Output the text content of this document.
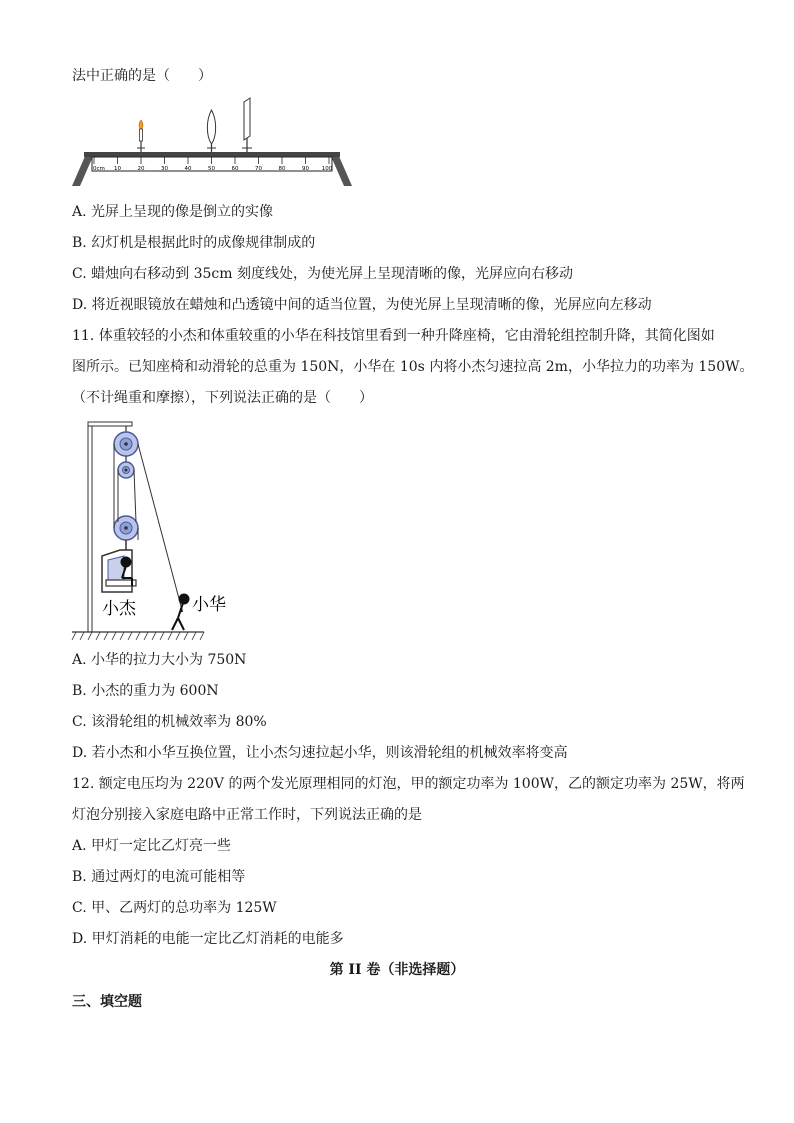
法中正确的是（　　）
0cm 10	20	30	40	50	60	70	80	90 100
A. 光屏上呈现的像是倒立的实像
B. 幻灯机是根据此时的成像规律制成的
C. 蜡烛向右移动到 35cm 刻度线处，为使光屏上呈现清晰的像，光屏应向右移动
D. 将近视眼镜放在蜡烛和凸透镜中间的适当位置，为使光屏上呈现清晰的像，光屏应向左移动
11. 体重较轻的小杰和体重较重的小华在科技馆里看到一种升降座椅，它由滑轮组控制升降，其简化图如
图所示。已知座椅和动滑轮的总重为 150N，小华在 10s 内将小杰匀速拉高 2m，小华拉力的功率为 150W。
（不计绳重和摩擦），下列说法正确的是（　　）
小杰	小华
A. 小华的拉力大小为 750N
B. 小杰的重力为 600N
C. 该滑轮组的机械效率为 80%
D. 若小杰和小华互换位置，让小杰匀速拉起小华，则该滑轮组的机械效率将变高
12. 额定电压均为 220V 的两个发光原理相同的灯泡，甲的额定功率为 100W，乙的额定功率为 25W，将两
灯泡分别接入家庭电路中正常工作时，下列说法正确的是
A. 甲灯一定比乙灯亮一些
B. 通过两灯的电流可能相等
C. 甲、乙两灯的总功率为 125W
D. 甲灯消耗的电能一定比乙灯消耗的电能多
第 II 卷（非选择题）
三、填空题
